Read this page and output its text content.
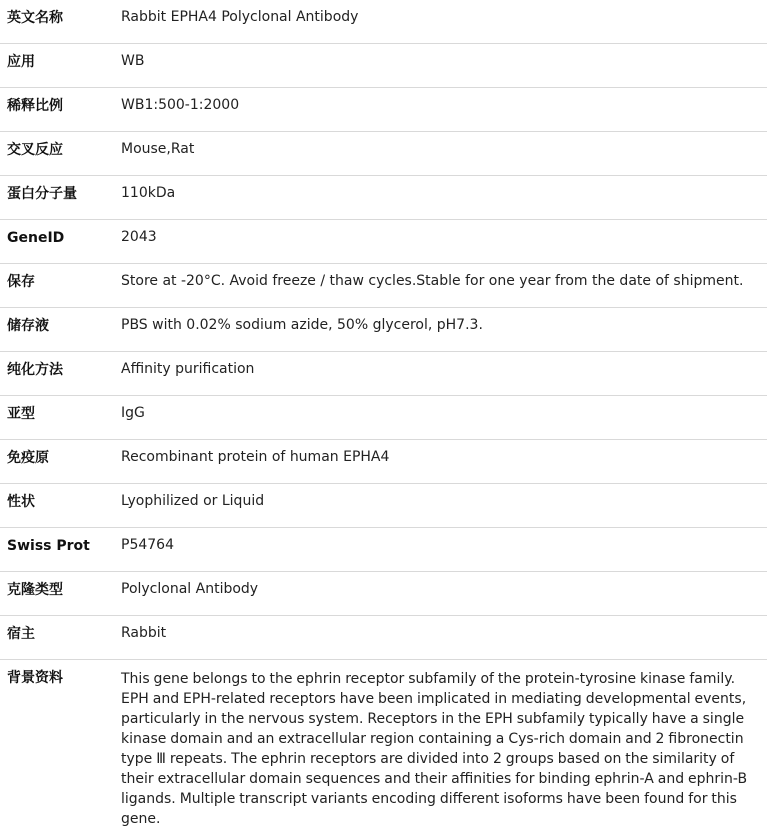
英文名称	Rabbit EPHA4 Polyclonal Antibody
应用	WB
稀释比例	WB1:500-1:2000
交叉反应	Mouse,Rat
蛋白分子量	110kDa
GeneID	2043
保存	Store at -20°C. Avoid freeze / thaw cycles.Stable for one year from the date of shipment.
储存液	PBS with 0.02% sodium azide, 50% glycerol, pH7.3.
纯化方法	Affinity purification
亚型	IgG
免疫原	Recombinant protein of human EPHA4
性状	Lyophilized or Liquid
Swiss Prot	P54764
克隆类型	Polyclonal Antibody
宿主	Rabbit
背景资料	This gene belongs to the ephrin receptor subfamily of the protein-tyrosine kinase family. EPH and EPH-related receptors have been implicated in mediating developmental events, particularly in the nervous system. Receptors in the EPH subfamily typically have a single kinase domain and an extracellular region containing a Cys-rich domain and 2 fibronectin type Ⅲ repeats. The ephrin receptors are divided into 2 groups based on the similarity of their extracellular domain sequences and their affinities for binding ephrin-A and ephrin-B ligands. Multiple transcript variants encoding different isoforms have been found for this gene.
